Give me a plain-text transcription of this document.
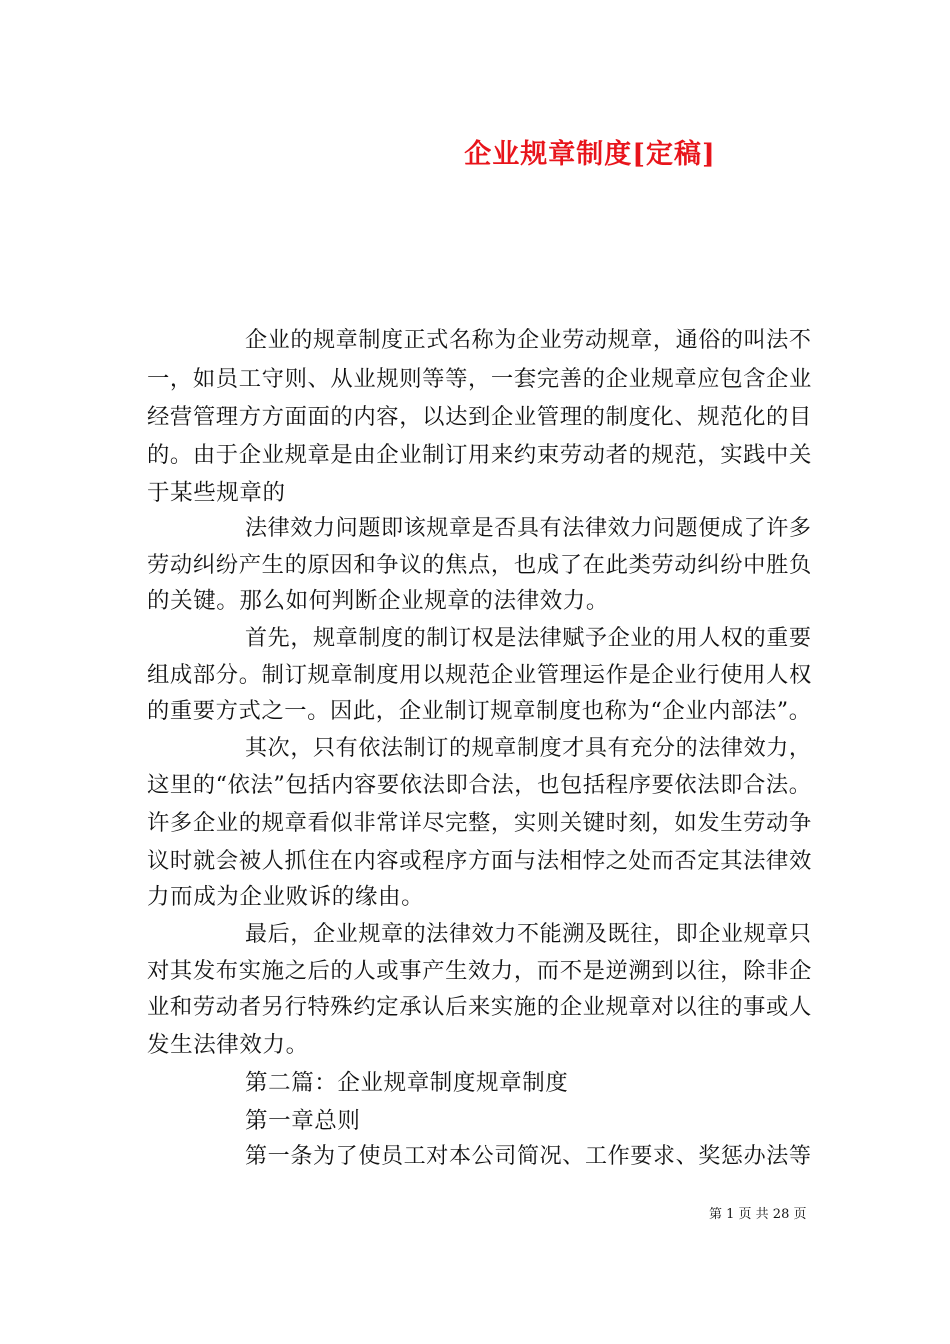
企业规章制度[定稿]
企业的规章制度正式名称为企业劳动规章，通俗的叫法不
一，如员工守则、从业规则等等，一套完善的企业规章应包含企业
经营管理方方面面的内容，以达到企业管理的制度化、规范化的目
的。由于企业规章是由企业制订用来约束劳动者的规范，实践中关
于某些规章的
法律效力问题即该规章是否具有法律效力问题便成了许多
劳动纠纷产生的原因和争议的焦点，也成了在此类劳动纠纷中胜负
的关键。那么如何判断企业规章的法律效力。
首先，规章制度的制订权是法律赋予企业的用人权的重要
组成部分。制订规章制度用以规范企业管理运作是企业行使用人权
的重要方式之一。因此，企业制订规章制度也称为“企业内部法”。
其次，只有依法制订的规章制度才具有充分的法律效力，
这里的“依法”包括内容要依法即合法，也包括程序要依法即合法。
许多企业的规章看似非常详尽完整，实则关键时刻，如发生劳动争
议时就会被人抓住在内容或程序方面与法相悖之处而否定其法律效
力而成为企业败诉的缘由。
最后，企业规章的法律效力不能溯及既往，即企业规章只
对其发布实施之后的人或事产生效力，而不是逆溯到以往，除非企
业和劳动者另行特殊约定承认后来实施的企业规章对以往的事或人
发生法律效力。
第二篇：企业规章制度规章制度
第一章总则
第一条为了使员工对本公司简况、工作要求、奖惩办法等
第 1 页 共 28 页
